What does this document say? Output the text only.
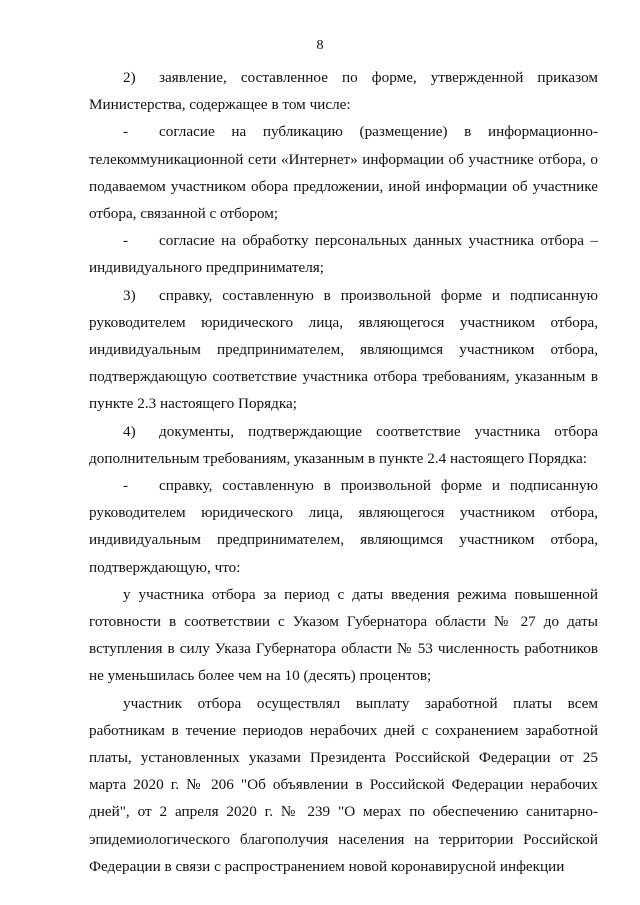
8

2) заявление, составленное по форме, утвержденной приказом Министерства, содержащее в том числе:

- согласие на публикацию (размещение) в информационно-телекоммуникационной сети «Интернет» информации об участнике отбора, о подаваемом участником обора предложении, иной информации об участнике отбора, связанной с отбором;

- согласие на обработку персональных данных участника отбора – индивидуального предпринимателя;

3) справку, составленную в произвольной форме и подписанную руководителем юридического лица, являющегося участником отбора, индивидуальным предпринимателем, являющимся участником отбора, подтверждающую соответствие участника отбора требованиям, указанным в пункте 2.3 настоящего Порядка;

4) документы, подтверждающие соответствие участника отбора дополнительным требованиям, указанным в пункте 2.4 настоящего Порядка:

- справку, составленную в произвольной форме и подписанную руководителем юридического лица, являющегося участником отбора, индивидуальным предпринимателем, являющимся участником отбора, подтверждающую, что:

у участника отбора за период с даты введения режима повышенной готовности в соответствии с Указом Губернатора области № 27 до даты вступления в силу Указа Губернатора области № 53 численность работников не уменьшилась более чем на 10 (десять) процентов;

участник отбора осуществлял выплату заработной платы всем работникам в течение периодов нерабочих дней с сохранением заработной платы, установленных указами Президента Российской Федерации от 25 марта 2020 г. № 206 "Об объявлении в Российской Федерации нерабочих дней", от 2 апреля 2020 г. № 239 "О мерах по обеспечению санитарно-эпидемиологического благополучия населения на территории Российской Федерации в связи с распространением новой коронавирусной инфекции
